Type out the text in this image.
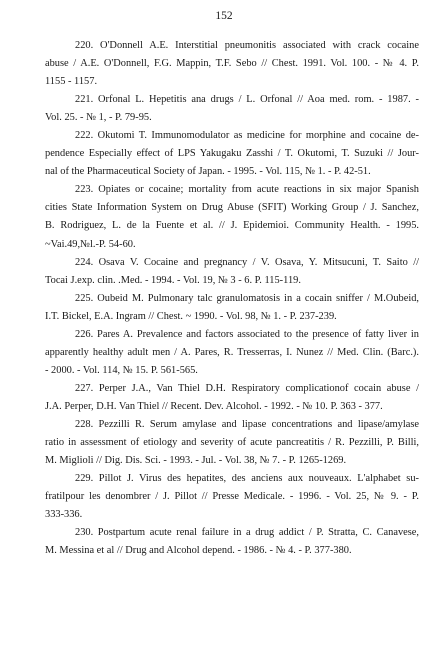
152
220. O'Donnell A.E. Interstitial pneumonitis associated with crack cocaine
abuse / A.E. O'Donnell, F.G. Mappin, T.F. Sebo // Chest. 1991. Vol. 100. - № 4. P.
1155 - 1157.
221. Orfonal L. Hepetitis ana drugs / L. Orfonal // Aoa med. rom. - 1987. -
Vol. 25. - № 1, - P. 79-95.
222. Okutomi T. Immunomodulator as medicine for morphine and cocaine de-
pendence Especially effect of LPS Yakugaku Zasshi / T. Okutomi, T. Suzuki // Jour-
nal of the Pharmaceutical Society of Japan. - 1995. - Vol. 115, № 1. - P. 42-51.
223. Opiates or cocaine; mortality from acute reactions in six major Spanish
cities State Information System on Drug Abuse (SFIT) Working Group / J. Sanchez,
B. Rodriguez, L. de la Fuente et al. // J. Epidemioi. Community Health. - 1995.
~Vai.49,№l.-P. 54-60.
224. Osava V. Cocaine and pregnancy / V. Osava, Y. Mitsucuni, T. Saito //
Tocai J.exp. clin. .Med. - 1994. - Vol. 19, № 3 - 6. P. 115-119.
225. Oubeid M. Pulmonary talc granulomatosis in a cocain sniffer / M.Oubeid,
I.T. Bickel, E.A. Ingram // Chest. ~ 1990. - Vol. 98, № 1. - P. 237-239.
226. Pares A. Prevalence and factors associated to the presence of fatty liver in
apparently healthy adult men / A. Pares, R. Tresserras, I. Nunez // Med. Clin. (Barc.).
- 2000. - Vol. 114, № 15. P. 561-565.
227. Perper J.A., Van Thiel D.H. Respiratory complicationof cocain abuse /
J.A. Perper, D.H. Van Thiel // Recent. Dev. Alcohol. - 1992. - № 10. P. 363 - 377.
228. Pezzilli R. Serum amylase and lipase concentrations and lipase/amylase
ratio in assessment of etiology and severity of acute pancreatitis / R. Pezzilli, P. Billi,
M. Miglioli // Dig. Dis. Sci. - 1993. - Jul. - Vol. 38, № 7. - P. 1265-1269.
229. Pillot J. Virus des hepatites, des anciens aux nouveaux. L'alphabet su-
fratilpour les denombrer / J. Pillot // Presse Medicale. - 1996. - Vol. 25, № 9. - P.
333-336.
230. Postpartum acute renal failure in a drug addict / P. Stratta, C. Canavese,
M. Messina et al // Drug and Alcohol depend. - 1986. - № 4. - P. 377-380.
